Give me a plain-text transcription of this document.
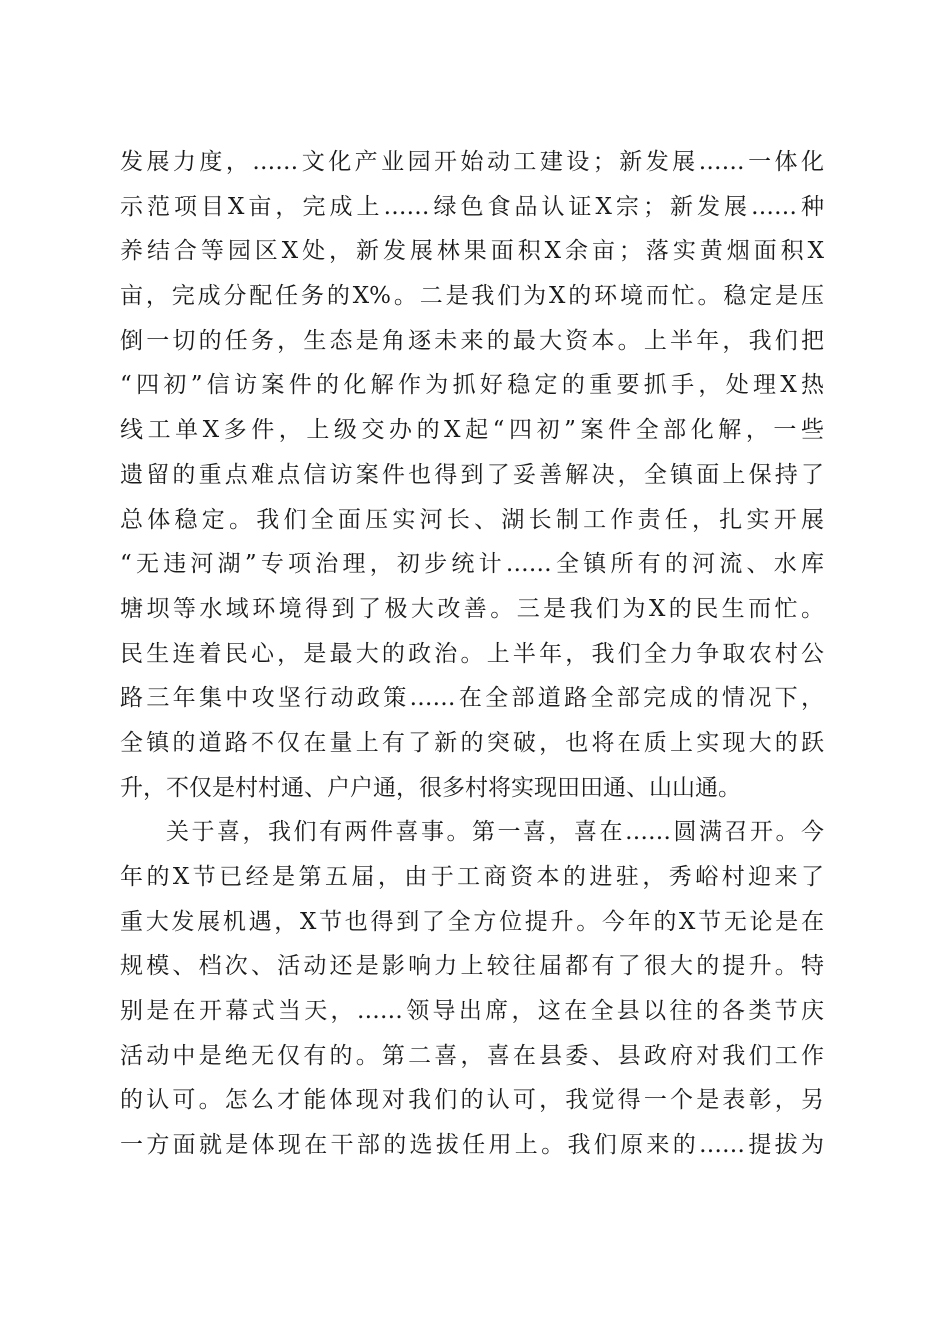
发展力度，……文化产业园开始动工建设；新发展……一体化
示范项目X亩，完成上……绿色食品认证X宗；新发展……种
养结合等园区X处，新发展林果面积X余亩；落实黄烟面积X
亩，完成分配任务的X%。二是我们为X的环境而忙。稳定是压
倒一切的任务，生态是角逐未来的最大资本。上半年，我们把
“四初”信访案件的化解作为抓好稳定的重要抓手，处理X热
线工单X多件，上级交办的X起“四初”案件全部化解，一些
遗留的重点难点信访案件也得到了妥善解决，全镇面上保持了
总体稳定。我们全面压实河长、湖长制工作责任，扎实开展
“无违河湖”专项治理，初步统计……全镇所有的河流、水库
塘坝等水域环境得到了极大改善。三是我们为X的民生而忙。
民生连着民心，是最大的政治。上半年，我们全力争取农村公
路三年集中攻坚行动政策……在全部道路全部完成的情况下，
全镇的道路不仅在量上有了新的突破，也将在质上实现大的跃
升，不仅是村村通、户户通，很多村将实现田田通、山山通。
关于喜，我们有两件喜事。第一喜，喜在……圆满召开。今
年的X节已经是第五届，由于工商资本的进驻，秀峪村迎来了
重大发展机遇，X节也得到了全方位提升。今年的X节无论是在
规模、档次、活动还是影响力上较往届都有了很大的提升。特
别是在开幕式当天，……领导出席，这在全县以往的各类节庆
活动中是绝无仅有的。第二喜，喜在县委、县政府对我们工作
的认可。怎么才能体现对我们的认可，我觉得一个是表彰，另
一方面就是体现在干部的选拔任用上。我们原来的……提拔为
